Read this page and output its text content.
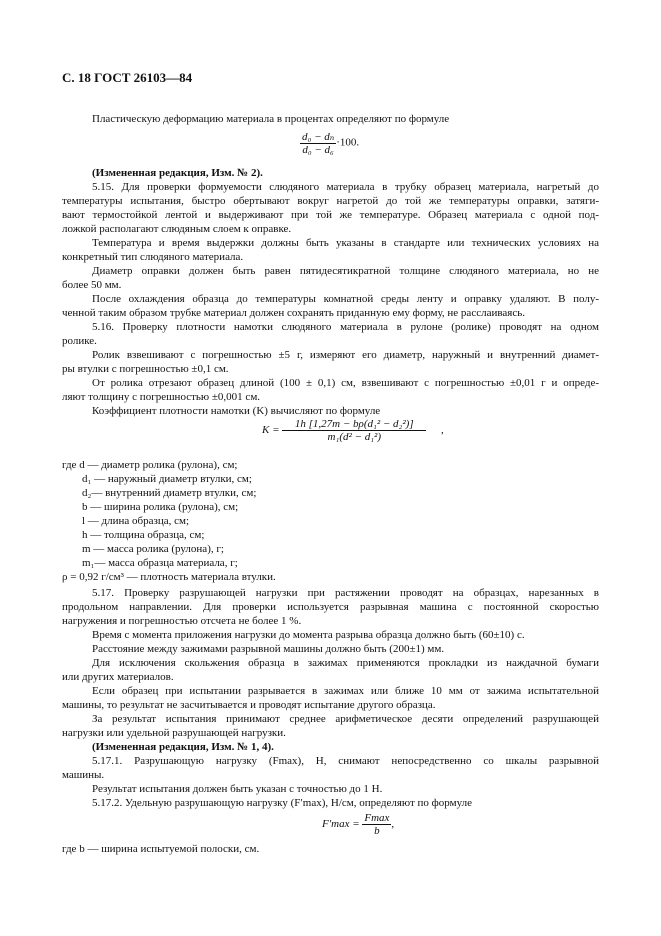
С. 18 ГОСТ 26103—84
Пластическую деформацию материала в процентах определяют по формуле
$\frac{\text{d₀ − dₙ}}{\text{d₀ − d₆}} \cdot 100$.
(Измененная редакция, Изм. № 2).
5.15. Для проверки формуемости слюдяного материала в трубку образец материала, нагретый до
температуры испытания, быстро обертывают вокруг нагретой до той же температуры оправки, затяги-
вают термостойкой лентой и выдерживают при той же температуре. Образец материала с одной под-
ложкой располагают слюдяным слоем к оправке.
Температура и время выдержки должны быть указаны в стандарте или технических условиях на
конкретный тип слюдяного материала.
Диаметр оправки должен быть равен пятидесятикратной толщине слюдяного материала, но не
более 50 мм.
После охлаждения образца до температуры комнатной среды ленту и оправку удаляют. В полу-
ченной таким образом трубке материал должен сохранять приданную ему форму, не расслаиваясь.
5.16. Проверку плотности намотки слюдяного материала в рулоне (ролике) проводят на одном
ролике.
Ролик взвешивают с погрешностью ±5 г, измеряют его диаметр, наружный и внутренний диамет-
ры втулки с погрешностью ±0,1 см.
От ролика отрезают образец длиной (100 ± 0,1) см, взвешивают с погрешностью ±0,01 г и опреде-
ляют толщину с погрешностью ±0,001 см.
Коэффициент плотности намотки (K) вычисляют по формуле
$K = \frac{\text{1h [1,27m − bρ(d₁² − d₂²)]}}{\text{m₁(d² − d₁²)}}$ ,
где d — диаметр ролика (рулона), см;
d₁ — наружный диаметр втулки, см;
d₂— внутренний диаметр втулки, см;
b — ширина ролика (рулона), см;
l — длина образца, см;
h — толщина образца, см;
m — масса ролика (рулона), г;
m₁— масса образца материала, г;
ρ = 0,92 г/см³ — плотность материала втулки.
5.17. Проверку разрушающей нагрузки при растяжении проводят на образцах, нарезанных в
продольном направлении. Для проверки используется разрывная машина с постоянной скоростью
нагружения и погрешностью отсчета не более 1 %.
Время с момента приложения нагрузки до момента разрыва образца должно быть (60±10) с.
Расстояние между зажимами разрывной машины должно быть (200±1) мм.
Для исключения скольжения образца в зажимах применяются прокладки из наждачной бумаги
или других материалов.
Если образец при испытании разрывается в зажимах или ближе 10 мм от зажима испытательной
машины, то результат не засчитывается и проводят испытание другого образца.
За результат испытания принимают среднее арифметическое десяти определений разрушающей
нагрузки или удельной разрушающей нагрузки.
(Измененная редакция, Изм. № 1, 4).
5.17.1. Разрушающую нагрузку (Fmax), Н, снимают непосредственно со шкалы разрывной
машины.
Результат испытания должен быть указан с точностью до 1 Н.
5.17.2. Удельную разрушающую нагрузку (F′max), Н/см, определяют по формуле
$F'\max = \frac{Fmax}{b}$ ,
где b — ширина испытуемой полоски, см.
